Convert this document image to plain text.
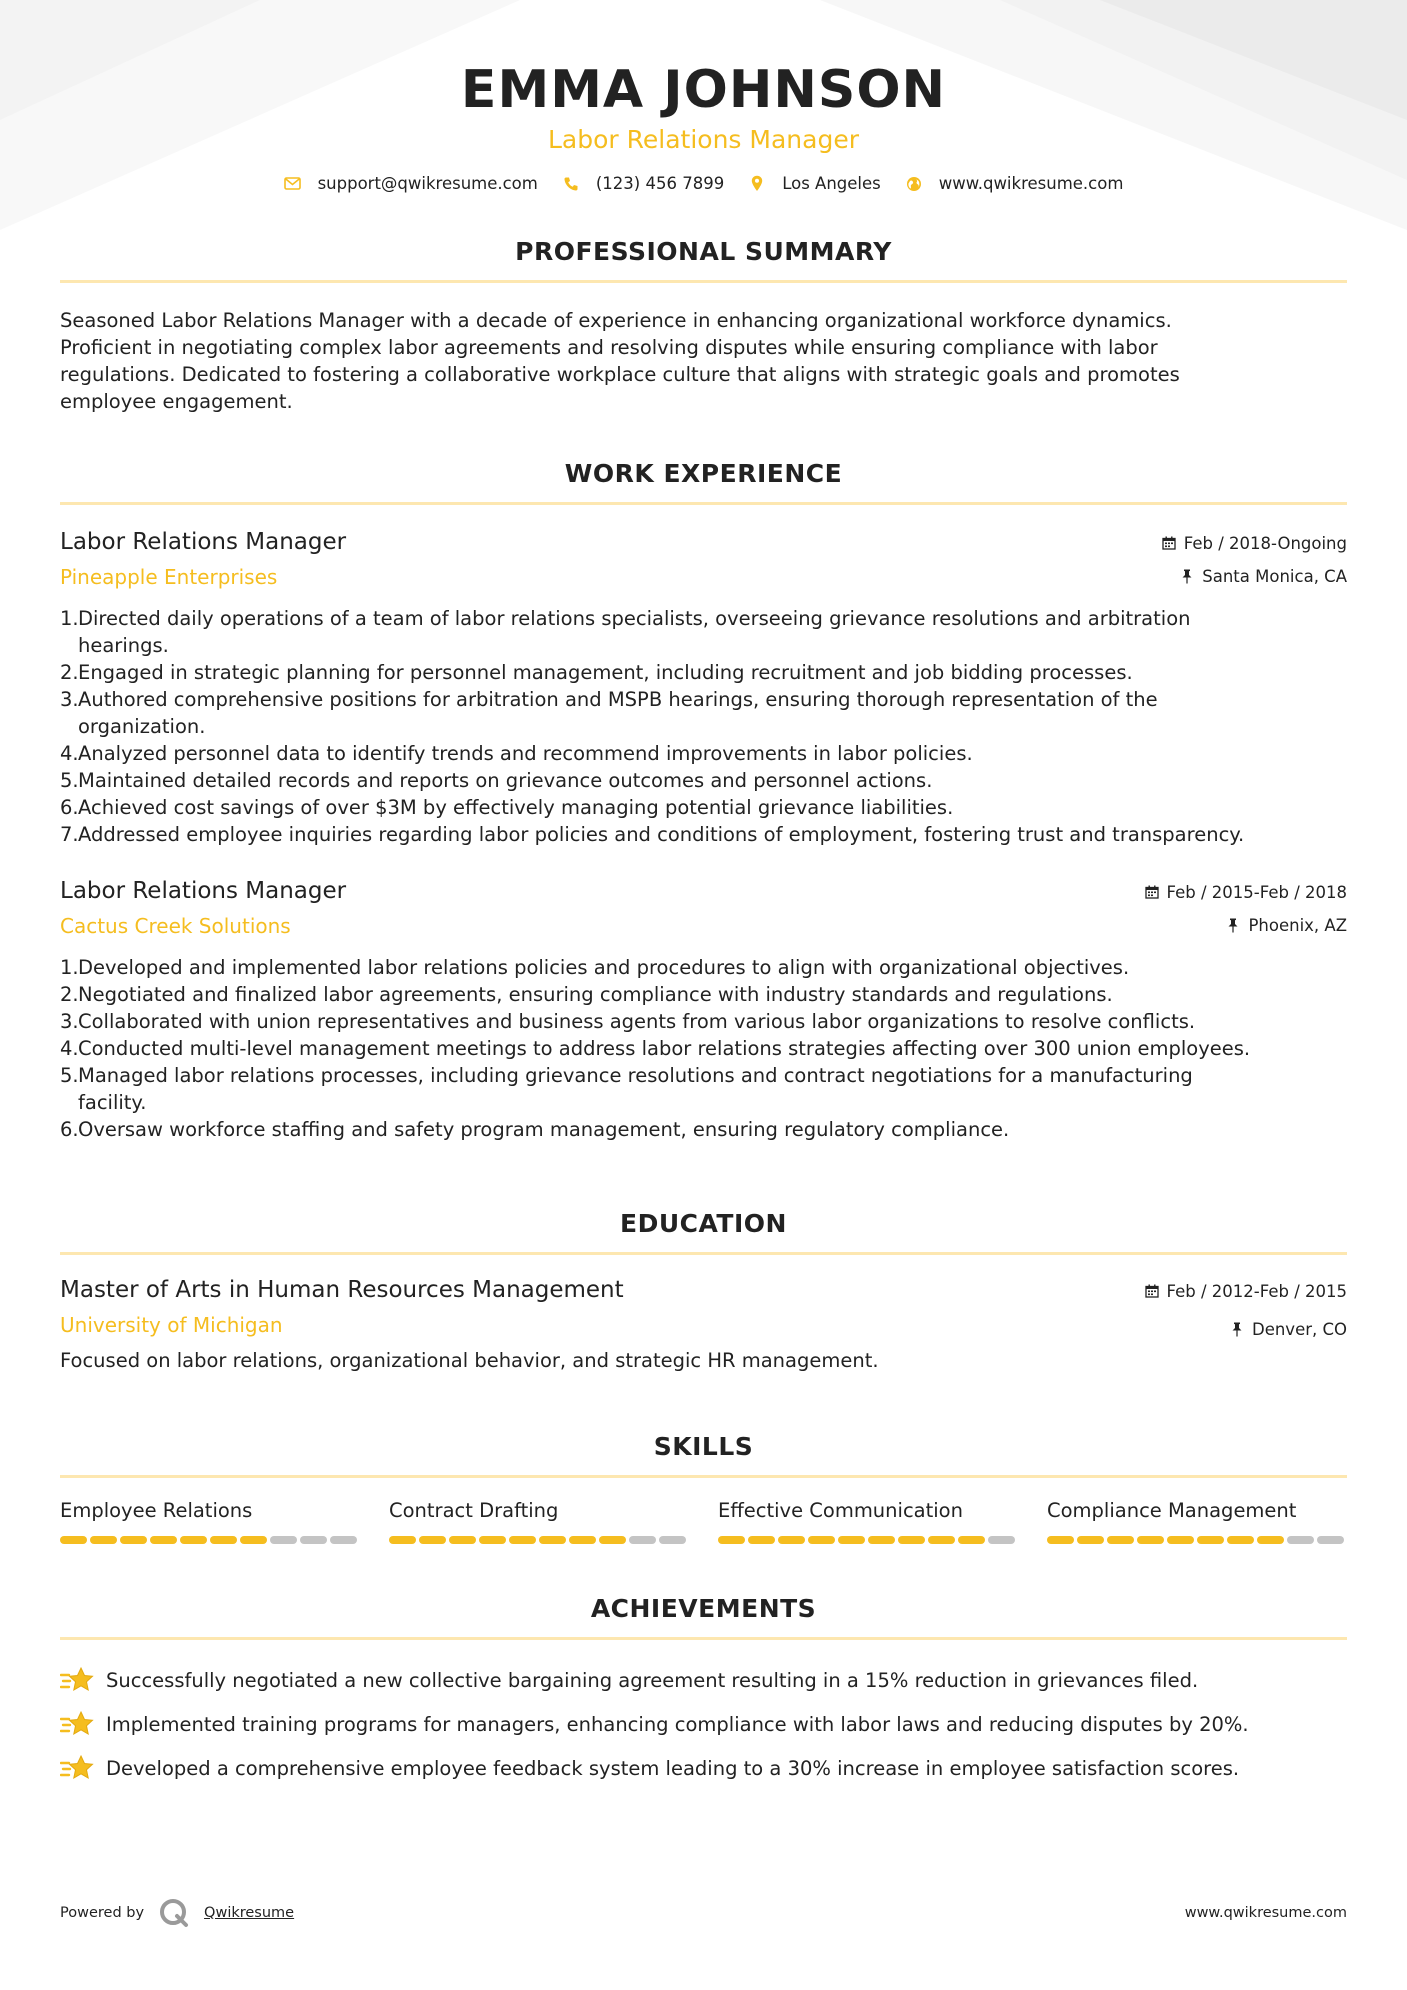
EMMA JOHNSON
Labor Relations Manager
support@qwikresume.com	(123) 456 7899	Los Angeles	www.qwikresume.com
PROFESSIONAL SUMMARY
Seasoned Labor Relations Manager with a decade of experience in enhancing organizational workforce dynamics.
Proficient in negotiating complex labor agreements and resolving disputes while ensuring compliance with labor
regulations. Dedicated to fostering a collaborative workplace culture that aligns with strategic goals and promotes
employee engagement.
WORK EXPERIENCE
Labor Relations Manager
Pineapple Enterprises
Feb / 2018-Ongoing
Santa Monica, CA
1. Directed daily operations of a team of labor relations specialists, overseeing grievance resolutions and arbitration
hearings.
2. Engaged in strategic planning for personnel management, including recruitment and job bidding processes.
3. Authored comprehensive positions for arbitration and MSPB hearings, ensuring thorough representation of the
organization.
4. Analyzed personnel data to identify trends and recommend improvements in labor policies.
5. Maintained detailed records and reports on grievance outcomes and personnel actions.
6. Achieved cost savings of over $3M by effectively managing potential grievance liabilities.
7. Addressed employee inquiries regarding labor policies and conditions of employment, fostering trust and transparency.
Labor Relations Manager
Cactus Creek Solutions
Feb / 2015-Feb / 2018
Phoenix, AZ
1. Developed and implemented labor relations policies and procedures to align with organizational objectives.
2. Negotiated and finalized labor agreements, ensuring compliance with industry standards and regulations.
3. Collaborated with union representatives and business agents from various labor organizations to resolve conflicts.
4. Conducted multi-level management meetings to address labor relations strategies affecting over 300 union employees.
5. Managed labor relations processes, including grievance resolutions and contract negotiations for a manufacturing
facility.
6. Oversaw workforce staffing and safety program management, ensuring regulatory compliance.
EDUCATION
Master of Arts in Human Resources Management
University of Michigan
Feb / 2012-Feb / 2015
Denver, CO
Focused on labor relations, organizational behavior, and strategic HR management.
SKILLS
Employee Relations	Contract Drafting	Effective Communication	Compliance Management
ACHIEVEMENTS
Successfully negotiated a new collective bargaining agreement resulting in a 15% reduction in grievances filed.
Implemented training programs for managers, enhancing compliance with labor laws and reducing disputes by 20%.
Developed a comprehensive employee feedback system leading to a 30% increase in employee satisfaction scores.
Powered by	Qwikresume	www.qwikresume.com
